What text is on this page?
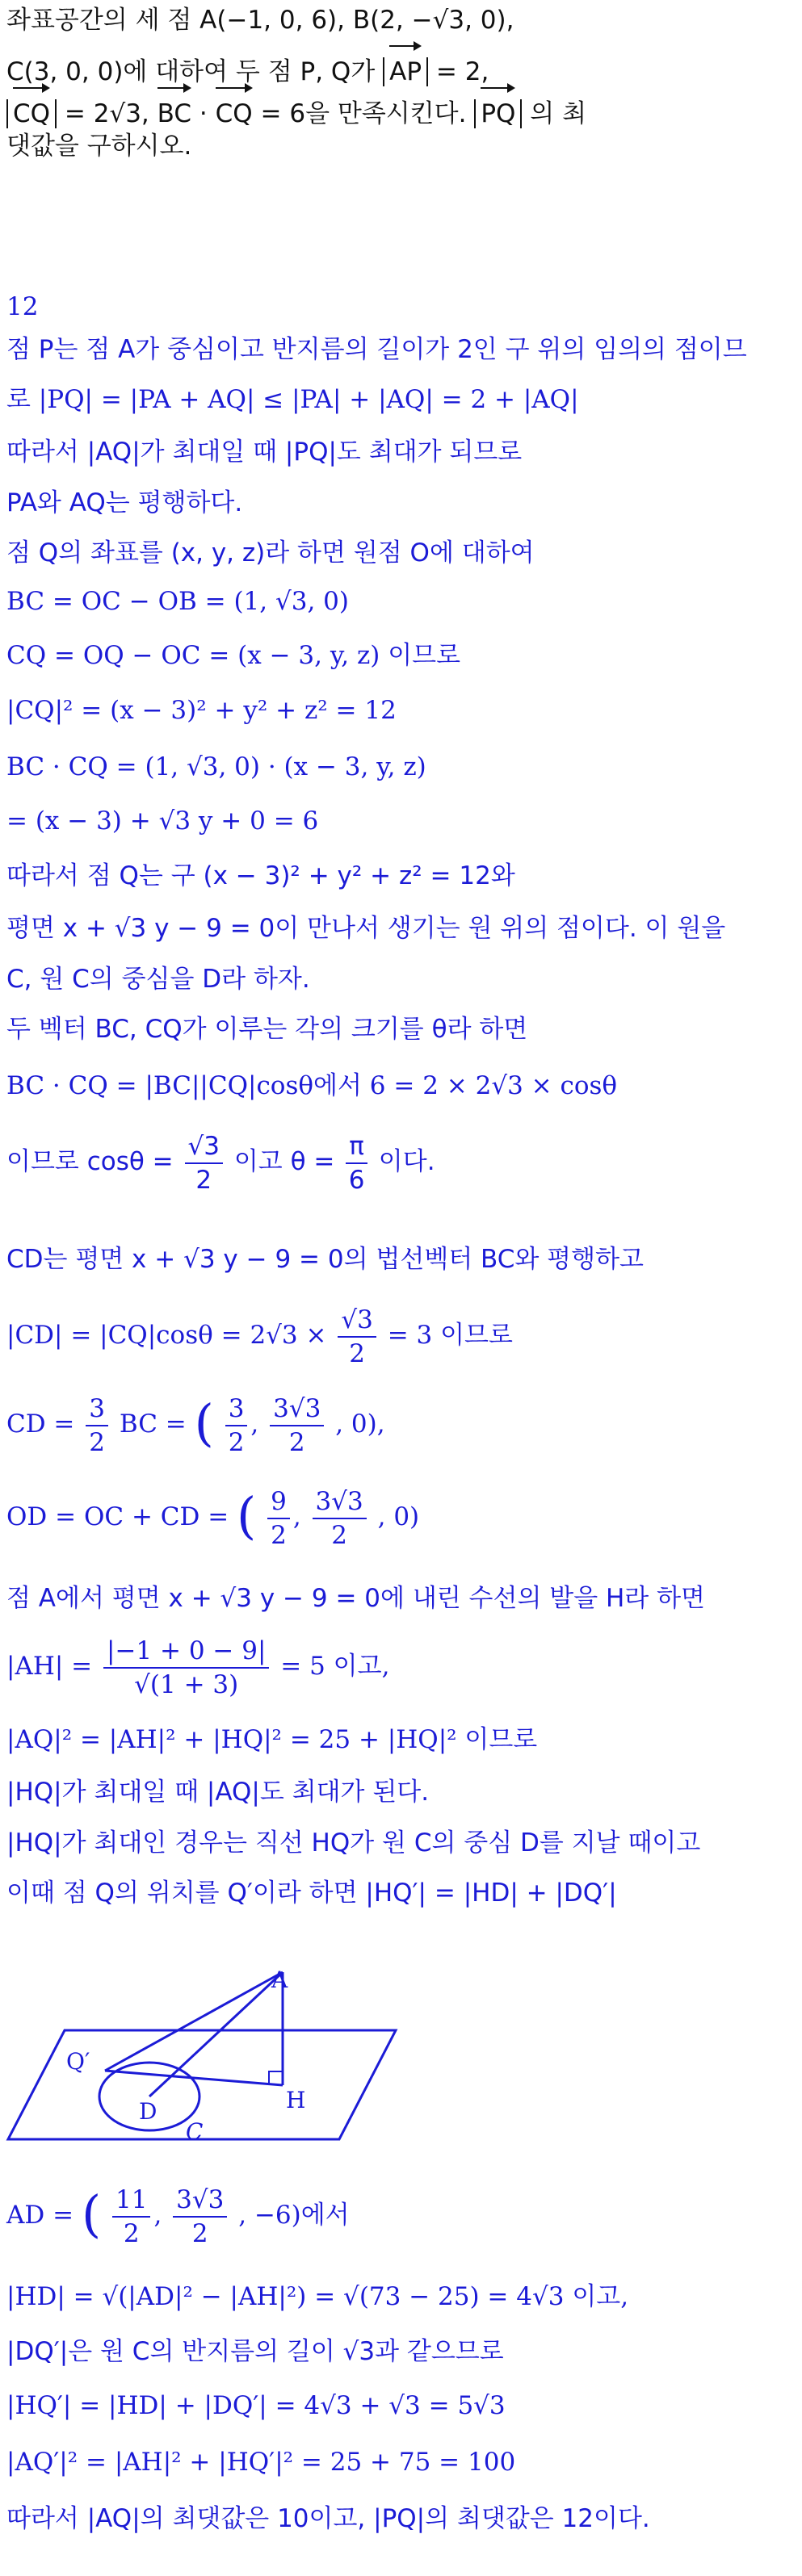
좌표공간의 세 점 A(−1, 0, 6), B(2, −√3, 0),
C(3, 0, 0)에 대하여 두 점 P, Q가 AP = 2,
CQ = 2√3, BC · CQ = 6을 만족시킨다. PQ 의 최
댓값을 구하시오.
12
점 P는 점 A가 중심이고 반지름의 길이가 2인 구 위의 임의의 점이므
로 |PQ| = |PA + AQ| ≤ |PA| + |AQ| = 2 + |AQ|
따라서 |AQ|가 최대일 때 |PQ|도 최대가 되므로
PA와 AQ는 평행하다.
점 Q의 좌표를 (x, y, z)라 하면 원점 O에 대하여
BC = OC − OB = (1, √3, 0)
CQ = OQ − OC = (x − 3, y, z) 이므로
|CQ|² = (x − 3)² + y² + z² = 12
BC · CQ = (1, √3, 0) · (x − 3, y, z)
= (x − 3) + √3 y + 0 = 6
따라서 점 Q는 구 (x − 3)² + y² + z² = 12와
평면 x + √3 y − 9 = 0이 만나서 생기는 원 위의 점이다. 이 원을
C, 원 C의 중심을 D라 하자.
두 벡터 BC, CQ가 이루는 각의 크기를 θ라 하면
BC · CQ = |BC||CQ|cosθ에서 6 = 2 × 2√3 × cosθ
이므로 $\cos\theta = \frac{√3}{2}$ 이고 $\theta = \frac{\pi}{6}$ 이다.
CD는 평면 x + √3 y − 9 = 0의 법선벡터 BC와 평행하고
$|CD| = |CQ|\cos\theta = 2√3 \times \frac{√3}{2} = 3$ 이므로
CD = $\frac{3}{2}$ BC = ( $\frac{3}{2}$ , $\frac{3√3}{2}$ , 0),
OD = OC + CD = ( $\frac{9}{2}$ , $\frac{3√3}{2}$ , 0)
점 A에서 평면 x + √3 y − 9 = 0에 내린 수선의 발을 H라 하면
$|AH| = \frac{|-1 + 0 - 9|}{√(1 + 3)} = 5$ 이고,
|AQ|² = |AH|² + |HQ|² = 25 + |HQ|² 이므로
|HQ|가 최대일 때 |AQ|도 최대가 된다.
|HQ|가 최대인 경우는 직선 HQ가 원 C의 중심 D를 지날 때이고
이때 점 Q의 위치를 Q′이라 하면 |HQ′| = |HD| + |DQ′|
A
Q′
D
C
H
AD = ( $\frac{11}{2}$ , $\frac{3√3}{2}$ , −6)에서
|HD| = √(|AD|² − |AH|²) = √(73 − 25) = 4√3 이고,
|DQ′|은 원 C의 반지름의 길이 √3과 같으므로
|HQ′| = |HD| + |DQ′| = 4√3 + √3 = 5√3
|AQ′|² = |AH|² + |HQ′|² = 25 + 75 = 100
따라서 |AQ|의 최댓값은 10이고, |PQ|의 최댓값은 12이다.
